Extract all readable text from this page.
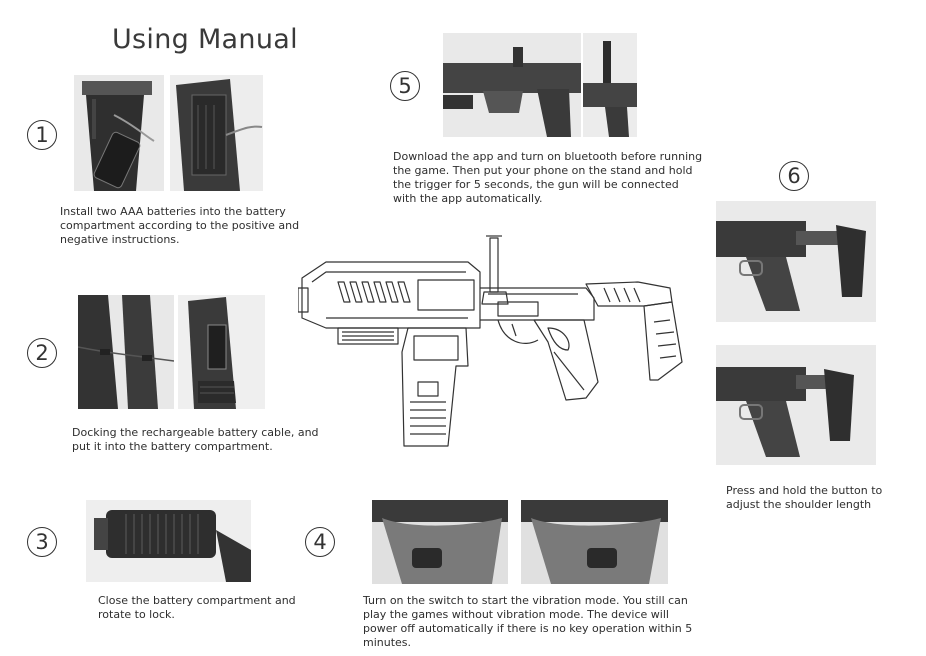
Using Manual
1
Install two AAA batteries into the battery compartment according to the positive and negative instructions.
2
Docking the rechargeable battery cable, and put it into the battery compartment.
3
Close the battery compartment and rotate to lock.
4
Turn on the switch to start the vibration mode. You still can play the games without vibration mode. The device will power off automatically if there is no key operation within 5 minutes.
5
Download the app and turn on bluetooth before running the game. Then put your phone on the stand and hold the trigger for 5 seconds, the gun will be connected with the app automatically.
6
Press and hold the button to adjust the shoulder length
